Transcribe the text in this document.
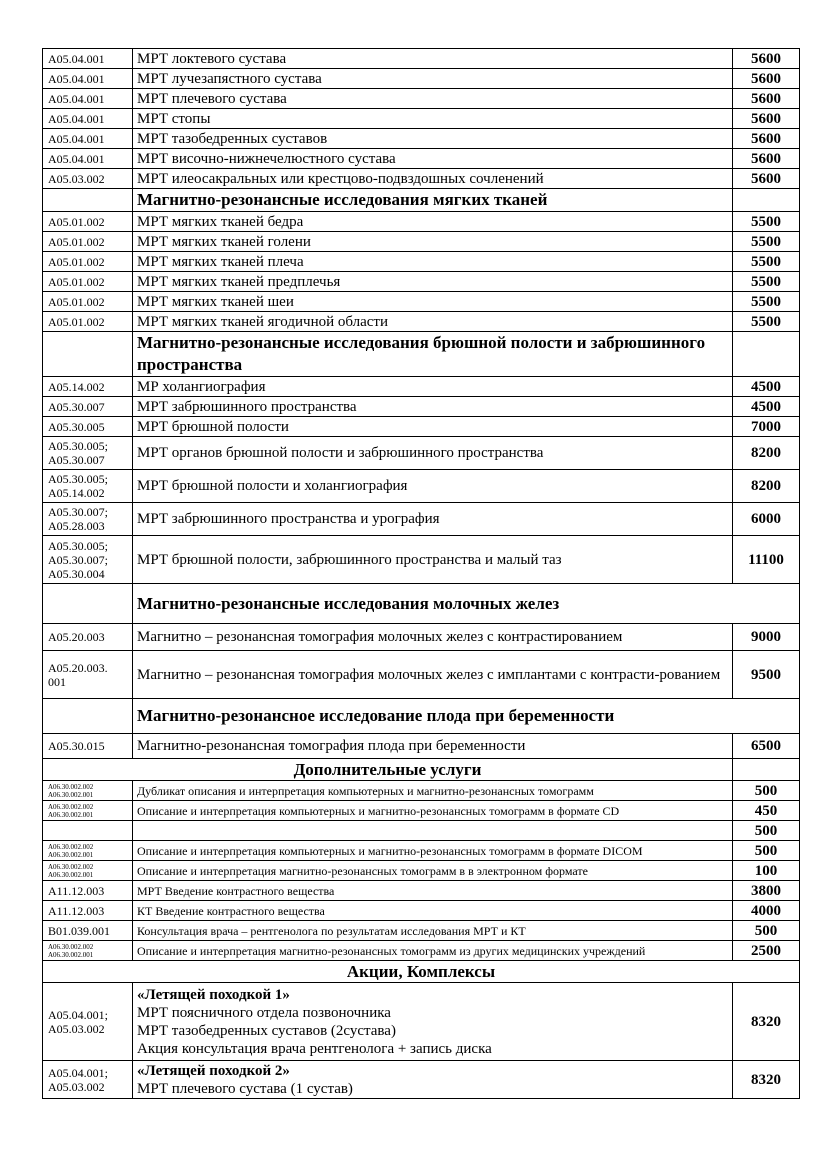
A05.04.001	МРТ локтевого сустава	5600
A05.04.001	МРТ лучезапястного сустава	5600
A05.04.001	МРТ плечевого сустава	5600
A05.04.001	МРТ стопы	5600
A05.04.001	МРТ тазобедренных суставов	5600
A05.04.001	МРТ височно-нижнечелюстного сустава	5600
A05.03.002	МРТ илеосакральных или крестцово-подвздошных сочленений	5600
	Магнитно-резонансные исследования мягких тканей	
A05.01.002	МРТ мягких тканей бедра	5500
A05.01.002	МРТ мягких тканей голени	5500
A05.01.002	МРТ мягких тканей плеча	5500
A05.01.002	МРТ мягких тканей предплечья	5500
A05.01.002	МРТ мягких тканей шеи	5500
A05.01.002	МРТ мягких тканей ягодичной области	5500
	Магнитно-резонансные исследования брюшной полости и забрюшинного пространства	
A05.14.002	МР холангиография	4500
A05.30.007	МРТ забрюшинного пространства	4500
A05.30.005	МРТ брюшной полости	7000
A05.30.005; A05.30.007	МРТ органов брюшной полости и забрюшинного пространства	8200
A05.30.005; A05.14.002	МРТ брюшной полости и холангиография	8200
A05.30.007; A05.28.003	МРТ забрюшинного пространства и урография	6000
A05.30.005; A05.30.007; A05.30.004	МРТ брюшной полости, забрюшинного пространства и малый таз	11100
	Магнитно-резонансные исследования молочных желез	
A05.20.003	Магнитно – резонансная томография молочных желез с контрастированием	9000
A05.20.003. 001	Магнитно – резонансная томография молочных желез с имплантами с контрасти-рованием	9500
	Магнитно-резонансное исследование плода при беременности	
A05.30.015	Магнитно-резонансная томография плода при беременности	6500
Дополнительные услуги		
A06.30.002.002 A06.30.002.001	Дубликат описания и интерпретация компьютерных и магнитно-резонансных томограмм	500
A06.30.002.002 A06.30.002.001	Описание и интерпретация компьютерных и магнитно-резонансных томограмм в формате CD	450
		500
A06.30.002.002 A06.30.002.001	Описание и интерпретация компьютерных и магнитно-резонансных томограмм в формате DICOM	500
A06.30.002.002 A06.30.002.001	Описание и интерпретация магнитно-резонансных томограмм в в электронном формате	100
A11.12.003	МРТ Введение контрастного вещества	3800
A11.12.003	КТ Введение контрастного вещества	4000
B01.039.001	Консультация врача – рентгенолога по результатам исследования МРТ и КТ	500
A06.30.002.002 A06.30.002.001	Описание и интерпретация магнитно-резонансных томограмм из других медицинских учреждений	2500
Акции, Комплексы		
A05.04.001; A05.03.002	«Летящей походкой 1»
МРТ поясничного отдела позвоночника
МРТ тазобедренных суставов (2сустава)
Акция консультация врача рентгенолога + запись диска	8320
A05.04.001; A05.03.002	«Летящей походкой 2»
МРТ плечевого сустава (1 сустав)	8320
